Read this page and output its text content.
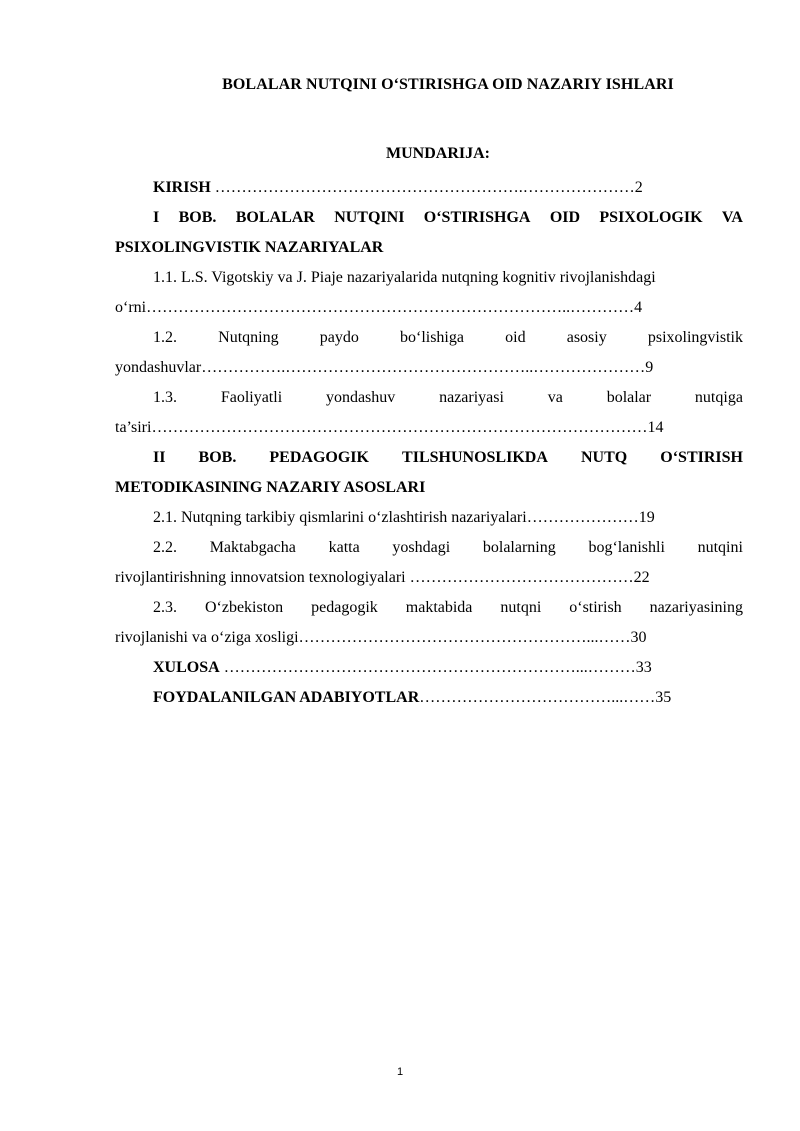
BOLALAR NUTQINI O‘STIRISHGA OID NAZARIY ISHLARI
MUNDARIJA:
KIRISH ………………………………………………….…………………2
I BOB. BOLALAR NUTQINI O‘STIRISHGA OID PSIXOLOGIK VA
PSIXOLINGVISTIK NAZARIYALAR
1.1. L.S. Vigotskiy va J. Piaje nazariyalarida nutqning kognitiv rivojlanishdagi
o‘rni……………………………………………………………………..…………4
1.2.	Nutqning	paydo	bo‘lishiga	oid	asosiy	psixolingvistik
yondashuvlar…………….………………………………………..…………………9
1.3.	Faoliyatli	yondashuv	nazariyasi	va	bolalar	nutqiga
ta’siri…………………………………………………………………………………14
II BOB. PEDAGOGIK TILSHUNOSLIKDA NUTQ O‘STIRISH
METODIKASINING NAZARIY ASOSLARI
2.1. Nutqning tarkibiy qismlarini o‘zlashtirish nazariyalari…………………19
2.2. Maktabgacha katta yoshdagi bolalarning bog‘lanishli nutqini
rivojlantirishning innovatsion texnologiyalari ……………………………………22
2.3. O‘zbekiston pedagogik maktabida nutqni o‘stirish nazariyasining
rivojlanishi va o‘ziga xosligi………………………………………………...……30
XULOSA …………………………………………………………...………33
FOYDALANILGAN ADABIYOTLAR………………………………...……35
1
